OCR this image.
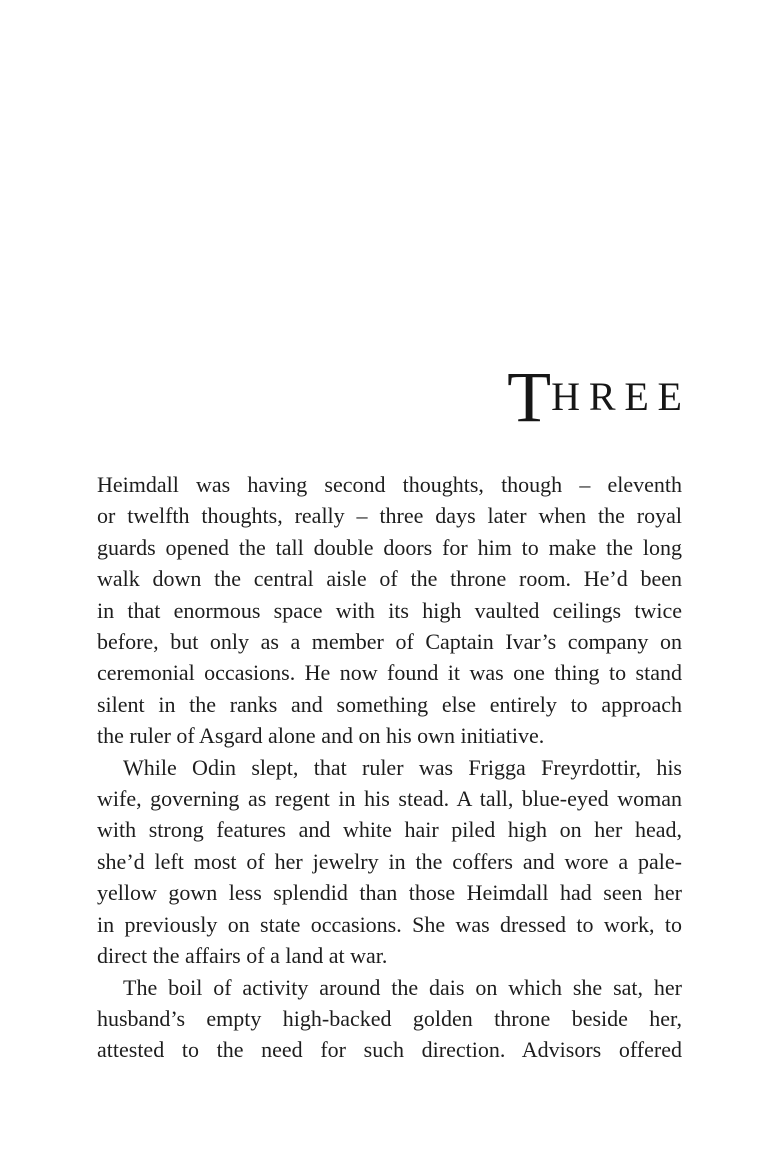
THREE
Heimdall was having second thoughts, though – eleventh
or twelfth thoughts, really – three days later when the royal
guards opened the tall double doors for him to make the long
walk down the central aisle of the throne room. He’d been
in that enormous space with its high vaulted ceilings twice
before, but only as a member of Captain Ivar’s company on
ceremonial occasions. He now found it was one thing to stand
silent in the ranks and something else entirely to approach
the ruler of Asgard alone and on his own initiative.
While Odin slept, that ruler was Frigga Freyrdottir, his
wife, governing as regent in his stead. A tall, blue-eyed woman
with strong features and white hair piled high on her head,
she’d left most of her jewelry in the coffers and wore a pale-
yellow gown less splendid than those Heimdall had seen her
in previously on state occasions. She was dressed to work, to
direct the affairs of a land at war.
The boil of activity around the dais on which she sat, her
husband’s empty high-backed golden throne beside her,
attested to the need for such direction. Advisors offered
